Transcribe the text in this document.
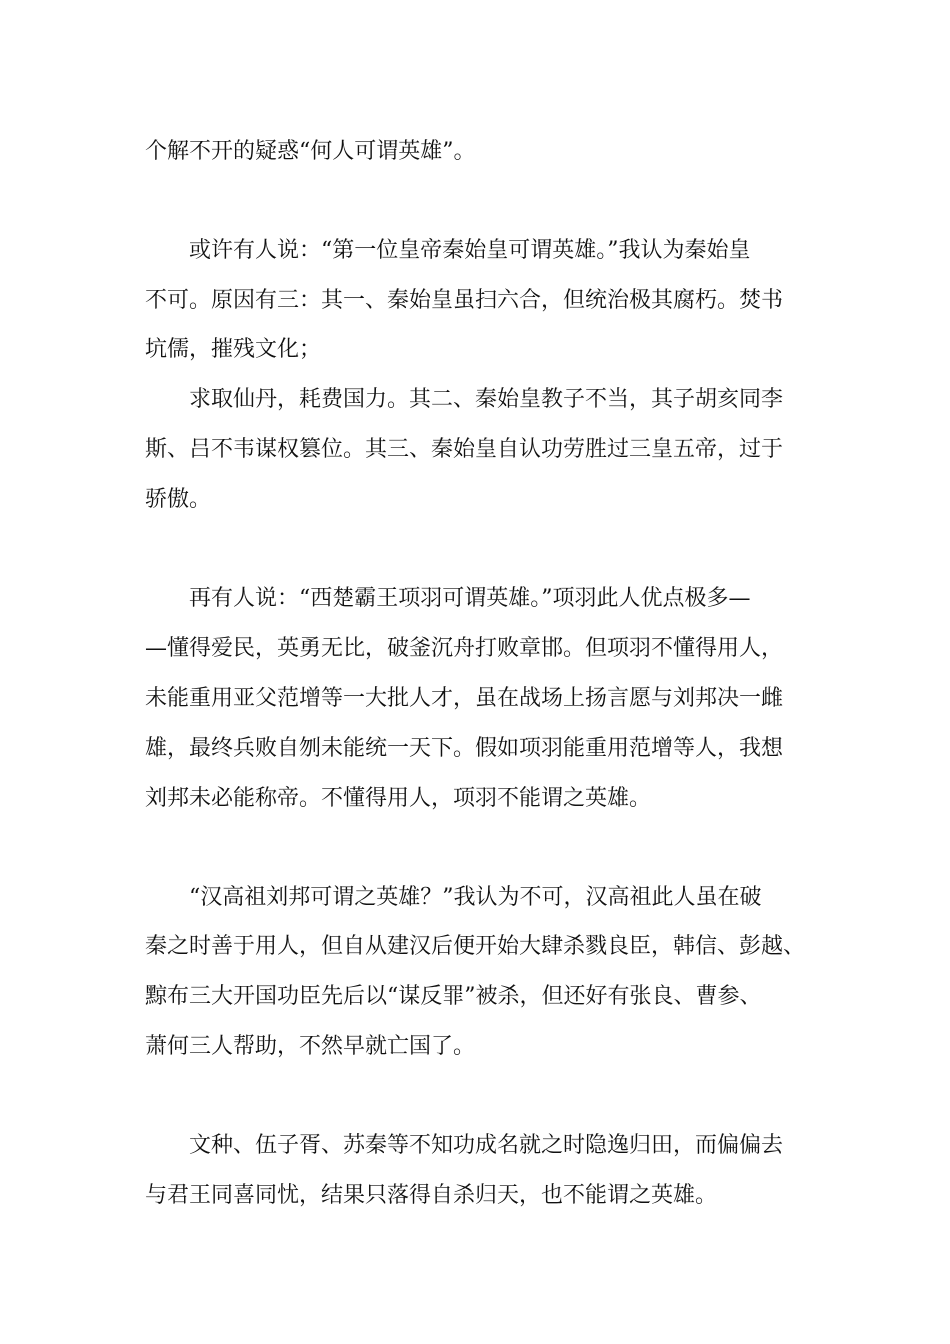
个解不开的疑惑“何人可谓英雄”。

或许有人说：“第一位皇帝秦始皇可谓英雄。”我认为秦始皇

不可。原因有三：其一、秦始皇虽扫六合，但统治极其腐朽。焚书

坑儒，摧残文化；

求取仙丹，耗费国力。其二、秦始皇教子不当，其子胡亥同李

斯、吕不韦谋权篡位。其三、秦始皇自认功劳胜过三皇五帝，过于

骄傲。

再有人说：“西楚霸王项羽可谓英雄。”项羽此人优点极多—

—懂得爱民，英勇无比，破釜沉舟打败章邯。但项羽不懂得用人，

未能重用亚父范增等一大批人才，虽在战场上扬言愿与刘邦决一雌

雄，最终兵败自刎未能统一天下。假如项羽能重用范增等人，我想

刘邦未必能称帝。不懂得用人，项羽不能谓之英雄。

“汉高祖刘邦可谓之英雄？”我认为不可，汉高祖此人虽在破

秦之时善于用人，但自从建汉后便开始大肆杀戮良臣，韩信、彭越、

黥布三大开国功臣先后以“谋反罪”被杀，但还好有张良、曹参、

萧何三人帮助，不然早就亡国了。

文种、伍子胥、苏秦等不知功成名就之时隐逸归田，而偏偏去

与君王同喜同忧，结果只落得自杀归天，也不能谓之英雄。
